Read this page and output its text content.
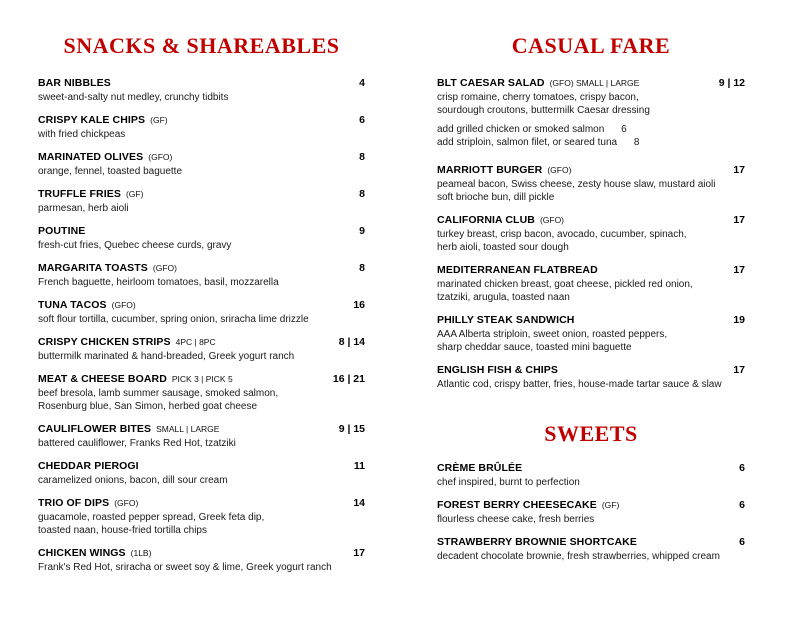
SNACKS & SHAREABLES
BAR NIBBLES	4
sweet-and-salty nut medley, crunchy tidbits
CRISPY KALE CHIPS (GF)	6
with fried chickpeas
MARINATED OLIVES (GFO)	8
orange, fennel, toasted baguette
TRUFFLE FRIES (GF)	8
parmesan, herb aioli
POUTINE	9
fresh-cut fries, Quebec cheese curds, gravy
MARGARITA TOASTS (GFO)	8
French baguette, heirloom tomatoes, basil, mozzarella
TUNA TACOS (GFO)	16
soft flour tortilla, cucumber, spring onion, sriracha lime drizzle
CRISPY CHICKEN STRIPS 4PC | 8PC	8 | 14
buttermilk marinated & hand-breaded, Greek yogurt ranch
MEAT & CHEESE BOARD PICK 3 | PICK 5	16 | 21
beef bresola, lamb summer sausage, smoked salmon,
Rosenburg blue, San Simon, herbed goat cheese
CAULIFLOWER BITES SMALL | LARGE	9 | 15
battered cauliflower, Franks Red Hot, tzatziki
CHEDDAR PIEROGI	11
caramelized onions, bacon, dill sour cream
TRIO OF DIPS (GFO)	14
guacamole, roasted pepper spread, Greek feta dip,
toasted naan, house-fried tortilla chips
CHICKEN WINGS (1LB)	17
Frank's Red Hot, sriracha or sweet soy & lime, Greek yogurt ranch
CASUAL FARE
BLT CAESAR SALAD (GFO) SMALL | LARGE	9 | 12
crisp romaine, cherry tomatoes, crispy bacon,
sourdough croutons, buttermilk Caesar dressing
add grilled chicken or smoked salmon 6
add striploin, salmon filet, or seared tuna 8
MARRIOTT BURGER (GFO)	17
peameal bacon, Swiss cheese, zesty house slaw, mustard aioli
soft brioche bun, dill pickle
CALIFORNIA CLUB (GFO)	17
turkey breast, crisp bacon, avocado, cucumber, spinach,
herb aioli, toasted sour dough
MEDITERRANEAN FLATBREAD	17
marinated chicken breast, goat cheese, pickled red onion,
tzatziki, arugula, toasted naan
PHILLY STEAK SANDWICH	19
AAA Alberta striploin, sweet onion, roasted peppers,
sharp cheddar sauce, toasted mini baguette
ENGLISH FISH & CHIPS	17
Atlantic cod, crispy batter, fries, house-made tartar sauce & slaw
SWEETS
CRÈME BRÛLÉE	6
chef inspired, burnt to perfection
FOREST BERRY CHEESECAKE (GF)	6
flourless cheese cake, fresh berries
STRAWBERRY BROWNIE SHORTCAKE	6
decadent chocolate brownie, fresh strawberries, whipped cream
